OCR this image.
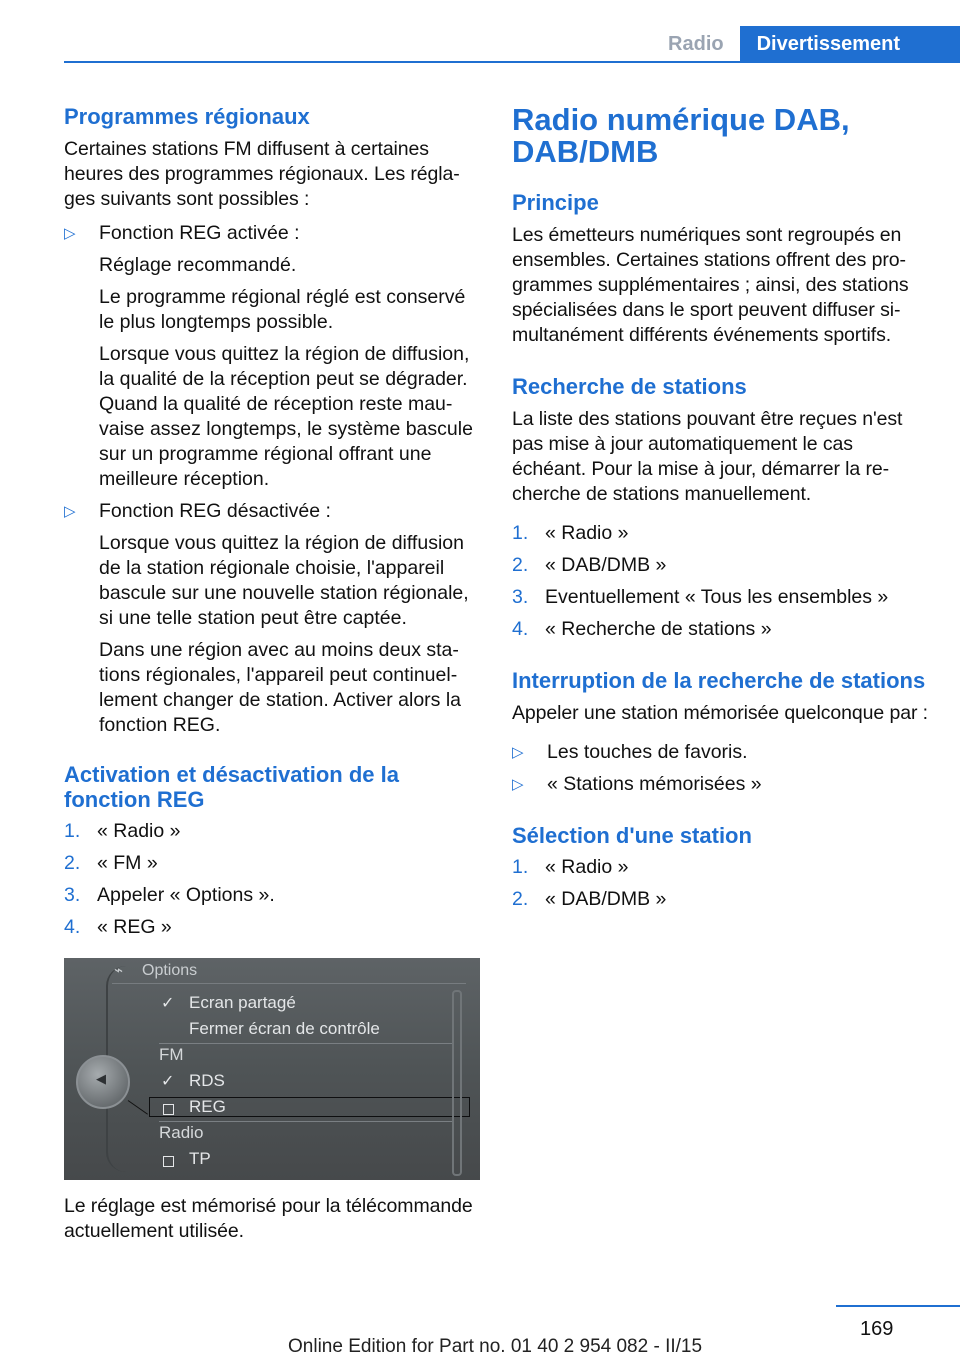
Radio	Divertissement

Programmes régionaux

Certaines stations FM diffusent à certaines heures des programmes régionaux. Les réglages suivants sont possibles :

▷ Fonction REG activée :

Réglage recommandé.

Le programme régional réglé est conservé le plus longtemps possible.

Lorsque vous quittez la région de diffusion, la qualité de la réception peut se dégrader. Quand la qualité de réception reste mauvaise assez longtemps, le système bascule sur un programme régional offrant une meilleure réception.

▷ Fonction REG désactivée :

Lorsque vous quittez la région de diffusion de la station régionale choisie, l'appareil bascule sur une nouvelle station régionale, si une telle station peut être captée.

Dans une région avec au moins deux stations régionales, l'appareil peut continuellement changer de station. Activer alors la fonction REG.

Activation et désactivation de la fonction REG

1. « Radio »

2. « FM »

3. Appeler « Options ».

4. « REG »

Options
⌁
✓ Ecran partagé
Fermer écran de contrôle
FM
✓ RDS
REG
Radio
TP
◀

Le réglage est mémorisé pour la télécommande actuellement utilisée.

Radio numérique DAB, DAB/DMB

Principe

Les émetteurs numériques sont regroupés en ensembles. Certaines stations offrent des programmes supplémentaires ; ainsi, des stations spécialisées dans le sport peuvent diffuser simultanément différents événements sportifs.

Recherche de stations

La liste des stations pouvant être reçues n'est pas mise à jour automatiquement le cas échéant. Pour la mise à jour, démarrer la recherche de stations manuellement.

1. « Radio »

2. « DAB/DMB »

3. Eventuellement « Tous les ensembles »

4. « Recherche de stations »

Interruption de la recherche de stations

Appeler une station mémorisée quelconque par :

▷ Les touches de favoris.

▷ « Stations mémorisées »

Sélection d'une station

1. « Radio »

2. « DAB/DMB »

169
Online Edition for Part no. 01 40 2 954 082 - II/15
